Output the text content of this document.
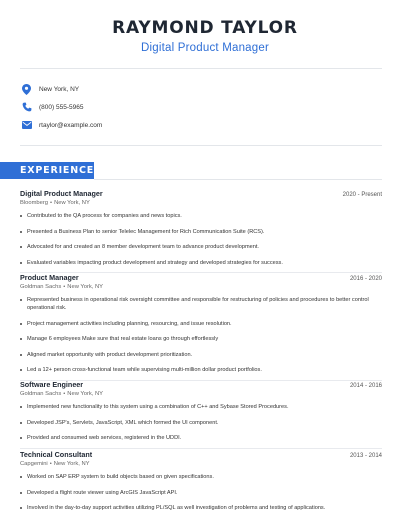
RAYMOND TAYLOR
Digital Product Manager
New York, NY
(800) 555-5965
rtaylor@example.com
EXPERIENCE
Digital Product Manager	2020 - Present
Bloomberg • New York, NY
Contributed to the QA process for companies and news topics.
Presented a Business Plan to senior Telelec Management for Rich Communication Suite (RCS).
Advocated for and created an 8 member development team to advance product development.
Evaluated variables impacting product development and strategy and developed strategies for success.
Product Manager	2016 - 2020
Goldman Sachs • New York, NY
Represented business in operational risk oversight committee and responsible for restructuring of policies and procedures to better control operational risk.
Project management activities including planning, resourcing, and issue resolution.
Manage 6 employees Make sure that real estate loans go through effortlessly
Aligned market opportunity with product development prioritization.
Led a 12+ person cross-functional team while supervising multi-million dollar product portfolios.
Software Engineer	2014 - 2016
Goldman Sachs • New York, NY
Implemented new functionality to this system using a combination of C++ and Sybase Stored Procedures.
Developed JSP's, Servlets, JavaScript, XML which formed the UI component.
Provided and consumed web services, registered in the UDDI.
Technical Consultant	2013 - 2014
Capgemini • New York, NY
Worked on SAP ERP system to build objects based on given specifications.
Developed a flight route viewer using ArcGIS JavaScript API.
Involved in the day-to-day support activities utilizing PL/SQL as well investigation of problems and testing of applications.
